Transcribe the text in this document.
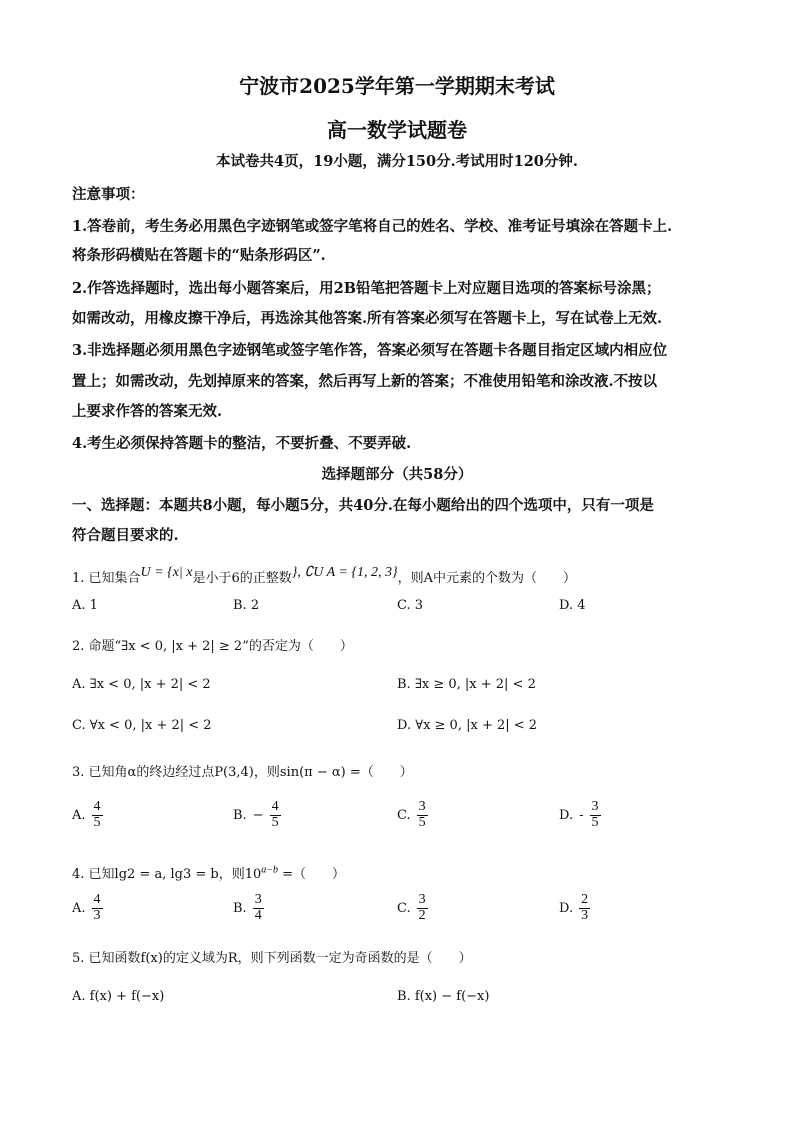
宁波市2025学年第一学期期末考试
高一数学试题卷
本试卷共4页，19小题，满分150分.考试用时120分钟.
注意事项：
1.答卷前，考生务必用黑色字迹钢笔或签字笔将自己的姓名、学校、准考证号填涂在答题卡上.
将条形码横贴在答题卡的“贴条形码区”.
2.作答选择题时，选出每小题答案后，用2B铅笔把答题卡上对应题目选项的答案标号涂黑；
如需改动，用橡皮擦干净后，再选涂其他答案.所有答案必须写在答题卡上，写在试卷上无效.
3.非选择题必须用黑色字迹钢笔或签字笔作答，答案必须写在答题卡各题目指定区域内相应位
置上；如需改动，先划掉原来的答案，然后再写上新的答案；不准使用铅笔和涂改液.不按以
上要求作答的答案无效.
4.考生必须保持答题卡的整洁，不要折叠、不要弄破.
选择题部分（共58分）
一、选择题：本题共8小题，每小题5分，共40分.在每小题给出的四个选项中，只有一项是
符合题目要求的.
1. 已知集合U = {x| x是小于6的正整数}, ∁U A = {1, 2, 3}，则A中元素的个数为（　　）
A. 1	B. 2	C. 3	D. 4
2. 命题“∃x < 0, |x + 2| ≥ 2”的否定为（　　）
A. ∃x < 0, |x + 2| < 2	B. ∃x ≥ 0, |x + 2| < 2
C. ∀x < 0, |x + 2| < 2	D. ∀x ≥ 0, |x + 2| < 2
3. 已知角α的终边经过点P(3,4)，则sin(π − α) =（　　）
A. $\frac{4}{5}$	B. − $\frac{4}{5}$	C. $\frac{3}{5}$	D. - $\frac{3}{5}$
4. 已知lg2 = a, lg3 = b，则$10^{a-b}$ =（　　）
A. $\frac{4}{3}$	B. $\frac{3}{4}$	C. $\frac{3}{2}$	D. $\frac{2}{3}$
5. 已知函数f(x)的定义域为R，则下列函数一定为奇函数的是（　　）
A. f(x) + f(−x)	B. f(x) − f(−x)
